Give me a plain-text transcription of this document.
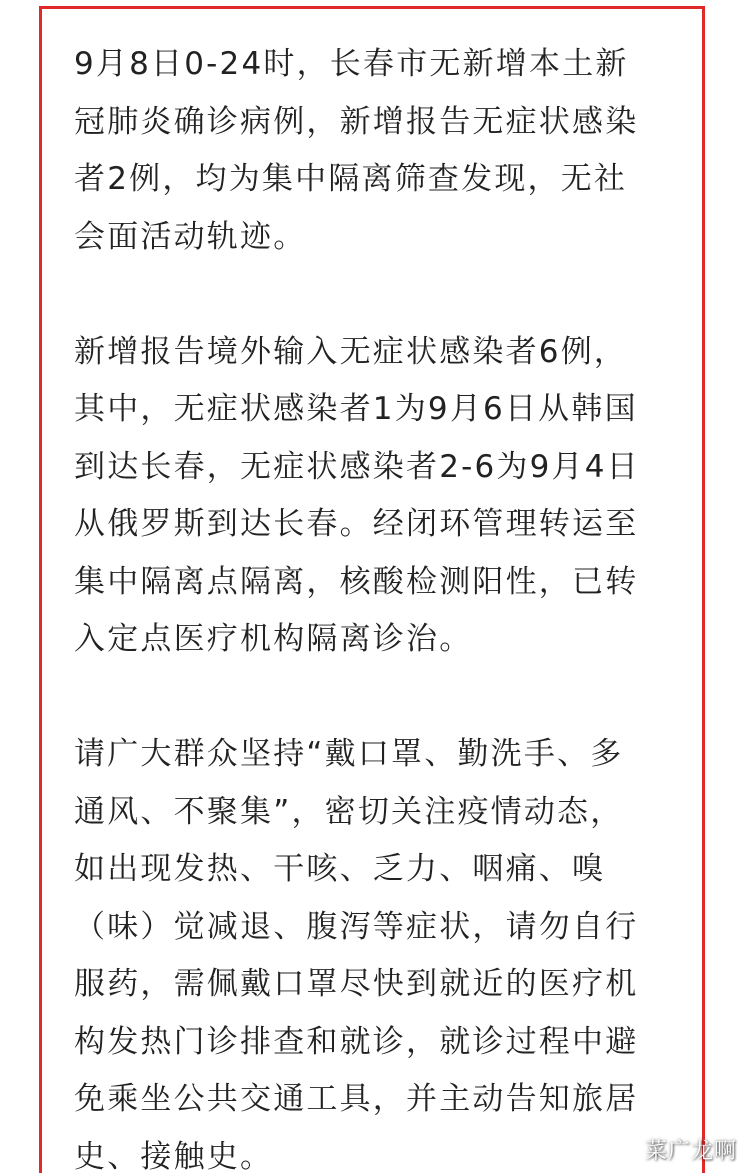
9月8日0-24时，长春市无新增本土新
冠肺炎确诊病例，新增报告无症状感染
者2例，均为集中隔离筛查发现，无社
会面活动轨迹。

新增报告境外输入无症状感染者6例，
其中，无症状感染者1为9月6日从韩国
到达长春，无症状感染者2-6为9月4日
从俄罗斯到达长春。经闭环管理转运至
集中隔离点隔离，核酸检测阳性，已转
入定点医疗机构隔离诊治。

请广大群众坚持“戴口罩、勤洗手、多
通风、不聚集”，密切关注疫情动态，
如出现发热、干咳、乏力、咽痛、嗅
（味）觉减退、腹泻等症状，请勿自行
服药，需佩戴口罩尽快到就近的医疗机
构发热门诊排查和就诊，就诊过程中避
免乘坐公共交通工具，并主动告知旅居
史、接触史。	菜广龙啊
